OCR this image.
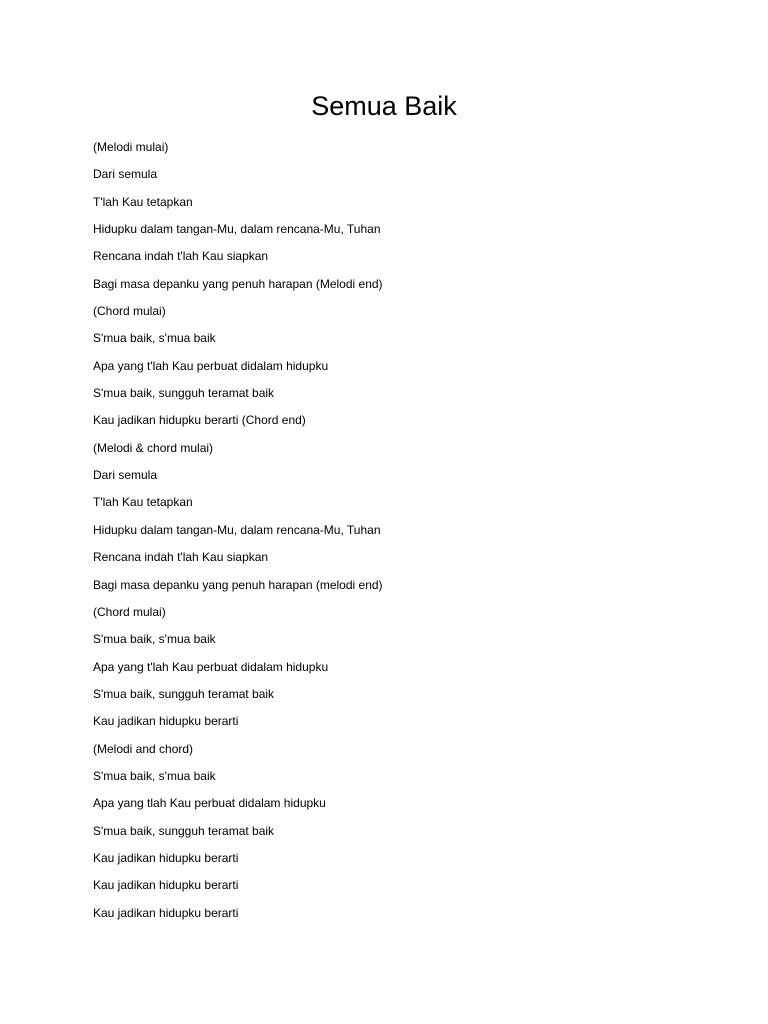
Semua Baik
(Melodi mulai)
Dari semula
T'lah Kau tetapkan
Hidupku dalam tangan-Mu, dalam rencana-Mu, Tuhan
Rencana indah t'lah Kau siapkan
Bagi masa depanku yang penuh harapan (Melodi end)
(Chord mulai)
S'mua baik, s'mua baik
Apa yang t'lah Kau perbuat didalam hidupku
S'mua baik, sungguh teramat baik
Kau jadikan hidupku berarti (Chord end)
(Melodi & chord mulai)
Dari semula
T'lah Kau tetapkan
Hidupku dalam tangan-Mu, dalam rencana-Mu, Tuhan
Rencana indah t'lah Kau siapkan
Bagi masa depanku yang penuh harapan (melodi end)
(Chord mulai)
S'mua baik, s'mua baik
Apa yang t'lah Kau perbuat didalam hidupku
S'mua baik, sungguh teramat baik
Kau jadikan hidupku berarti
(Melodi and chord)
S'mua baik, s'mua baik
Apa yang tlah Kau perbuat didalam hidupku
S'mua baik, sungguh teramat baik
Kau jadikan hidupku berarti
Kau jadikan hidupku berarti
Kau jadikan hidupku berarti
